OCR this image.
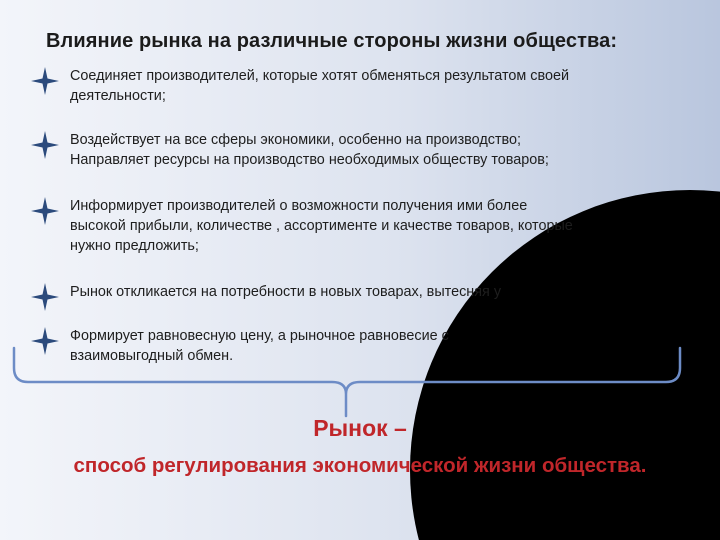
Влияние рынка на различные стороны жизни общества:
Соединяет производителей, которые хотят обменяться результатом своей
деятельности;
Воздействует на все сферы экономики, особенно на производство;
Направляет ресурсы на производство необходимых обществу товаров;
Информирует производителей о возможности получения ими более
высокой прибыли, количестве , ассортименте и качестве товаров, которые
нужно предложить;
Рынок откликается на потребности в новых товарах, вытесняя у
Формирует равновесную цену, а рыночное равновесие с
взаимовыгодный обмен.
Рынок –
способ регулирования экономической жизни общества.
